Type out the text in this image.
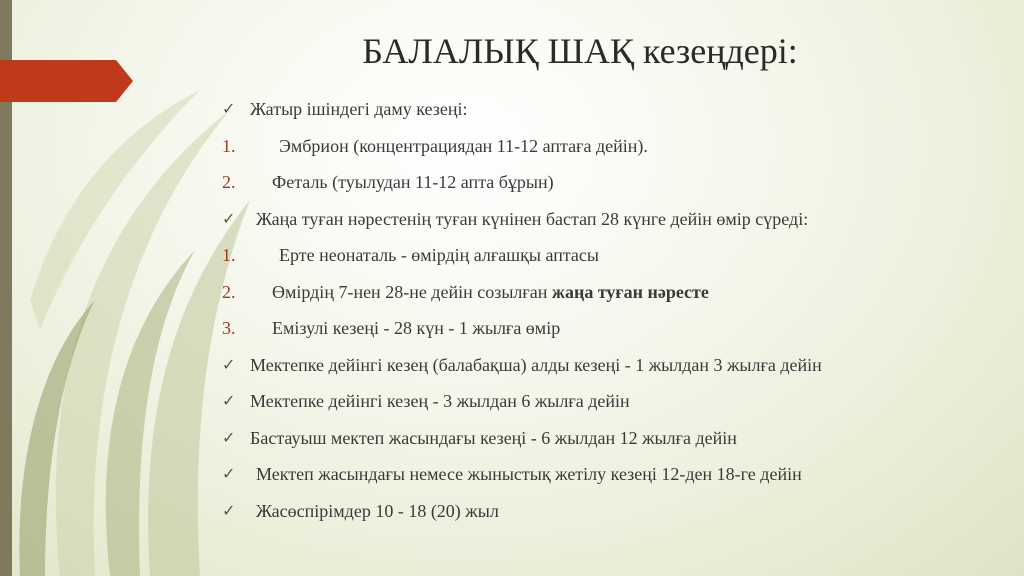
БАЛАЛЫҚ ШАҚ кезеңдері:
✓ Жатыр ішіндегі даму кезеңі:
1.	Эмбрион (концентрациядан 11-12 аптаға дейін).
2.	Феталь (туылудан 11-12 апта бұрын)
✓	Жаңа туған нәрестенің туған күнінен бастап 28 күнге дейін өмір сүреді:
1.	Ерте неонаталь - өмірдің алғашқы аптасы
2.	Өмірдің 7-нен 28-не дейін созылған жаңа туған нәресте
3.	Емізулі кезеңі - 28 күн - 1 жылға өмір
✓ Мектепке дейінгі кезең (балабақша) алды кезеңі - 1 жылдан 3 жылға дейін
✓ Мектепке дейінгі кезең - 3 жылдан 6 жылға дейін
✓ Бастауыш мектеп жасындағы кезеңі - 6 жылдан 12 жылға дейін
✓	Мектеп жасындағы немесе жыныстық жетілу кезеңі 12-ден 18-ге дейін
✓	Жасөспірімдер 10 - 18 (20) жыл
